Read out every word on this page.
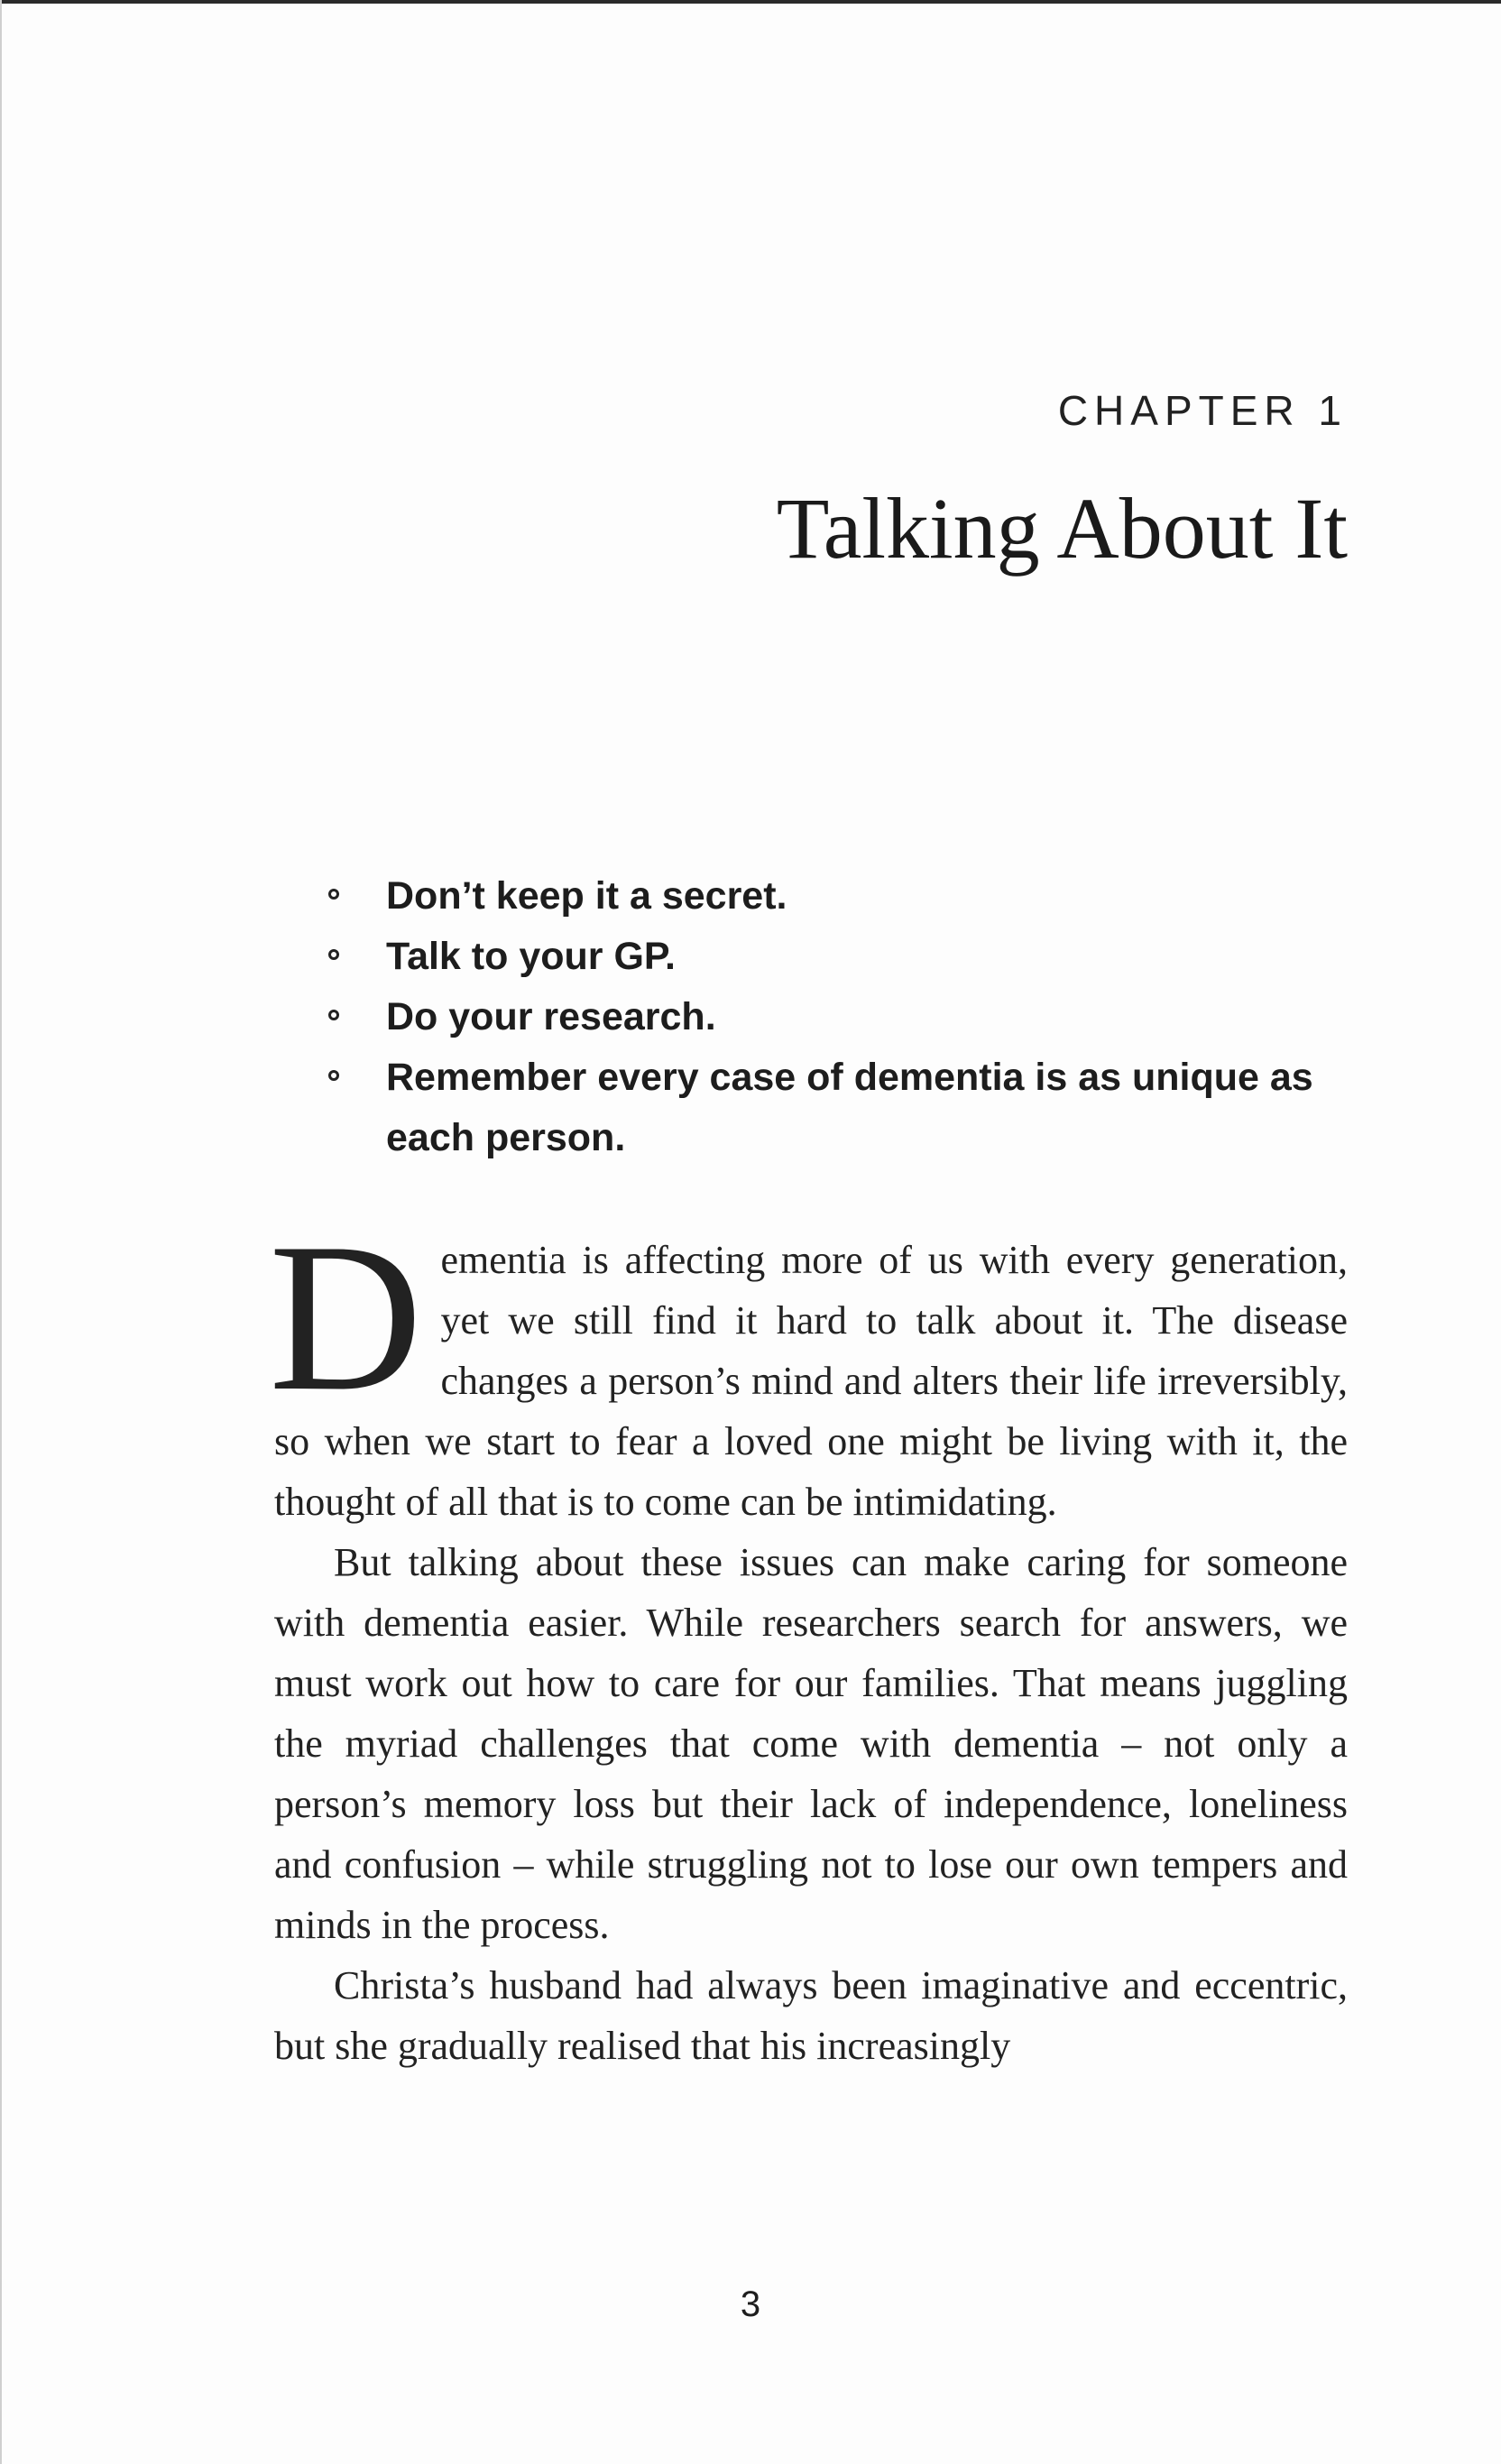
CHAPTER 1
Talking About It
Don’t keep it a secret.
Talk to your GP.
Do your research.
Remember every case of dementia is as unique as each person.

Dementia is affecting more of us with every generation, yet we still find it hard to talk about it. The disease changes a person’s mind and alters their life irreversibly, so when we start to fear a loved one might be living with it, the thought of all that is to come can be intimidating.

But talking about these issues can make caring for someone with dementia easier. While researchers search for answers, we must work out how to care for our families. That means juggling the myriad challenges that come with dementia – not only a person’s memory loss but their lack of independence, loneliness and confusion – while struggling not to lose our own tempers and minds in the process.

Christa’s husband had always been imaginative and eccentric, but she gradually realised that his increasingly

3
